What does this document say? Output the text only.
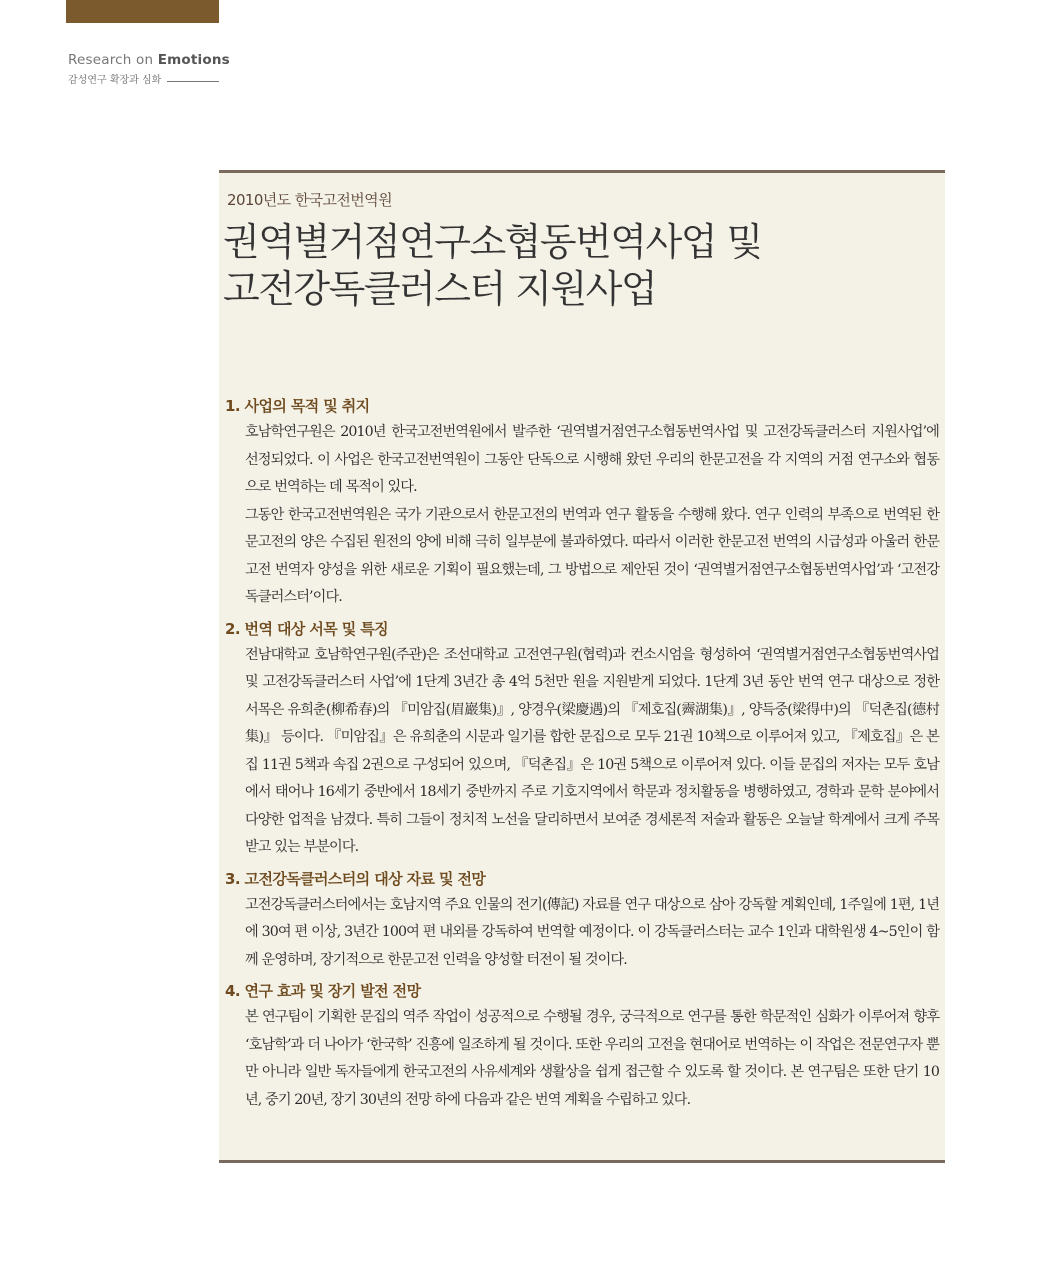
Research on Emotions
감성연구 확장과 심화
2010년도 한국고전번역원
권역별거점연구소협동번역사업 및
고전강독클러스터 지원사업
1. 사업의 목적 및 취지

호남학연구원은 2010년 한국고전번역원에서 발주한 ‘권역별거점연구소협동번역사업 및 고전강독클러스터 지원사업’에 선정되었다. 이 사업은 한국고전번역원이 그동안 단독으로 시행해 왔던 우리의 한문고전을 각 지역의 거점 연구소와 협동으로 번역하는 데 목적이 있다.

그동안 한국고전번역원은 국가 기관으로서 한문고전의 번역과 연구 활동을 수행해 왔다. 연구 인력의 부족으로 번역된 한문고전의 양은 수집된 원전의 양에 비해 극히 일부분에 불과하였다. 따라서 이러한 한문고전 번역의 시급성과 아울러 한문고전 번역자 양성을 위한 새로운 기획이 필요했는데, 그 방법으로 제안된 것이 ‘권역별거점연구소협동번역사업’과 ‘고전강독클러스터’이다.

2. 번역 대상 서목 및 특징

전남대학교 호남학연구원(주관)은 조선대학교 고전연구원(협력)과 컨소시엄을 형성하여 ‘권역별거점연구소협동번역사업 및 고전강독클러스터 사업’에 1단계 3년간 총 4억 5천만 원을 지원받게 되었다. 1단계 3년 동안 번역 연구 대상으로 정한 서목은 유희춘(柳希春)의 『미암집(眉巖集)』, 양경우(梁慶遇)의 『제호집(霽湖集)』, 양득중(梁得中)의 『덕촌집(德村集)』 등이다. 『미암집』은 유희춘의 시문과 일기를 합한 문집으로 모두 21권 10책으로 이루어져 있고, 『제호집』은 본집 11권 5책과 속집 2권으로 구성되어 있으며, 『덕촌집』은 10권 5책으로 이루어져 있다. 이들 문집의 저자는 모두 호남에서 태어나 16세기 중반에서 18세기 중반까지 주로 기호지역에서 학문과 정치활동을 병행하였고, 경학과 문학 분야에서 다양한 업적을 남겼다. 특히 그들이 정치적 노선을 달리하면서 보여준 경세론적 저술과 활동은 오늘날 학계에서 크게 주목받고 있는 부분이다.

3. 고전강독클러스터의 대상 자료 및 전망

고전강독클러스터에서는 호남지역 주요 인물의 전기(傳記) 자료를 연구 대상으로 삼아 강독할 계획인데, 1주일에 1편, 1년에 30여 편 이상, 3년간 100여 편 내외를 강독하여 번역할 예정이다. 이 강독클러스터는 교수 1인과 대학원생 4~5인이 함께 운영하며, 장기적으로 한문고전 인력을 양성할 터전이 될 것이다.

4. 연구 효과 및 장기 발전 전망

본 연구팀이 기획한 문집의 역주 작업이 성공적으로 수행될 경우, 궁극적으로 연구를 통한 학문적인 심화가 이루어져 향후 ‘호남학’과 더 나아가 ‘한국학’ 진흥에 일조하게 될 것이다. 또한 우리의 고전을 현대어로 번역하는 이 작업은 전문연구자 뿐만 아니라 일반 독자들에게 한국고전의 사유세계와 생활상을 쉽게 접근할 수 있도록 할 것이다. 본 연구팀은 또한 단기 10년, 중기 20년, 장기 30년의 전망 하에 다음과 같은 번역 계획을 수립하고 있다.
